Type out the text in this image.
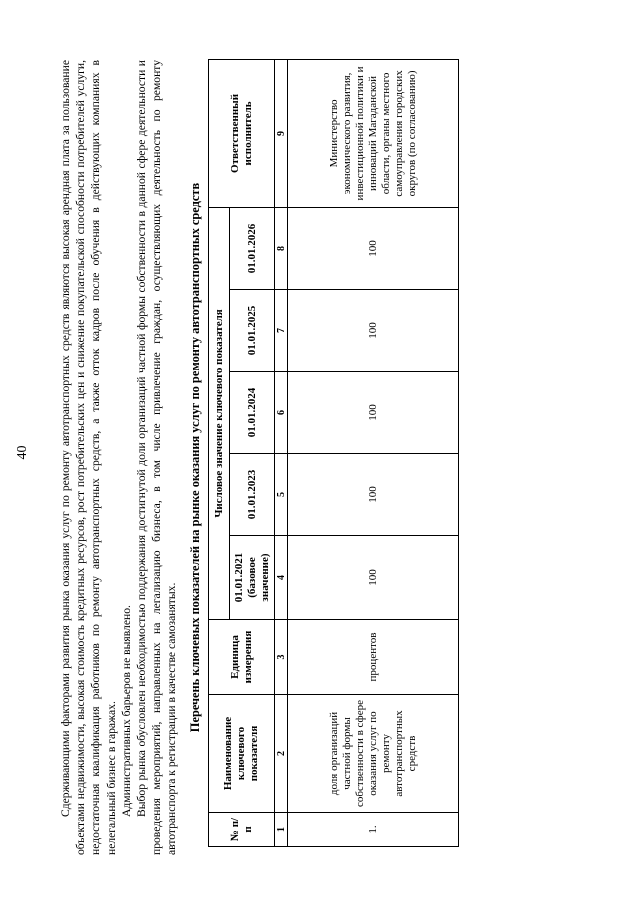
40	Сдерживающими факторами развития рынка оказания услуг по ремонту автотранспортных средств являются высокая арендная плата за пользование объектами недвижимости, высокая стоимость кредитных ресурсов, рост потребительских цен и снижение покупательской способности потребителей услуги, недостаточная квалификация работников по ремонту автотранспортных средств, а также отток кадров после обучения в действующих компаниях в нелегальный бизнес в гаражах. Административных барьеров не выявлено. Выбор рынка обусловлен необходимостью поддержания достигнутой доли организаций частной формы собственности в данной сфере деятельности и проведения мероприятий, направленных на легализацию бизнеса, в том числе привлечение граждан, осуществляющих деятельность по ремонту автотранспорта к регистрации в качестве самозанятых. Перечень ключевых показателей на рынке оказания услуг по ремонту автотранспортных средств
№ п/п	Наименование ключевого показателя	Единица измерения	Числовое значение ключевого показателя					Ответственный исполнитель
			01.01.2021 (базовое значение)	01.01.2023	01.01.2024	01.01.2025	01.01.2026	
1	2	3	4	5	6	7	8	9
1.	доля организаций частной формы собственности в сфере оказания услуг по ремонту автотранспортных средств	процентов	100	100	100	100	100	Министерство экономического развития, инвестиционной политики и инноваций Магаданской области, органы местного самоуправления городских округов (по согласованию)
